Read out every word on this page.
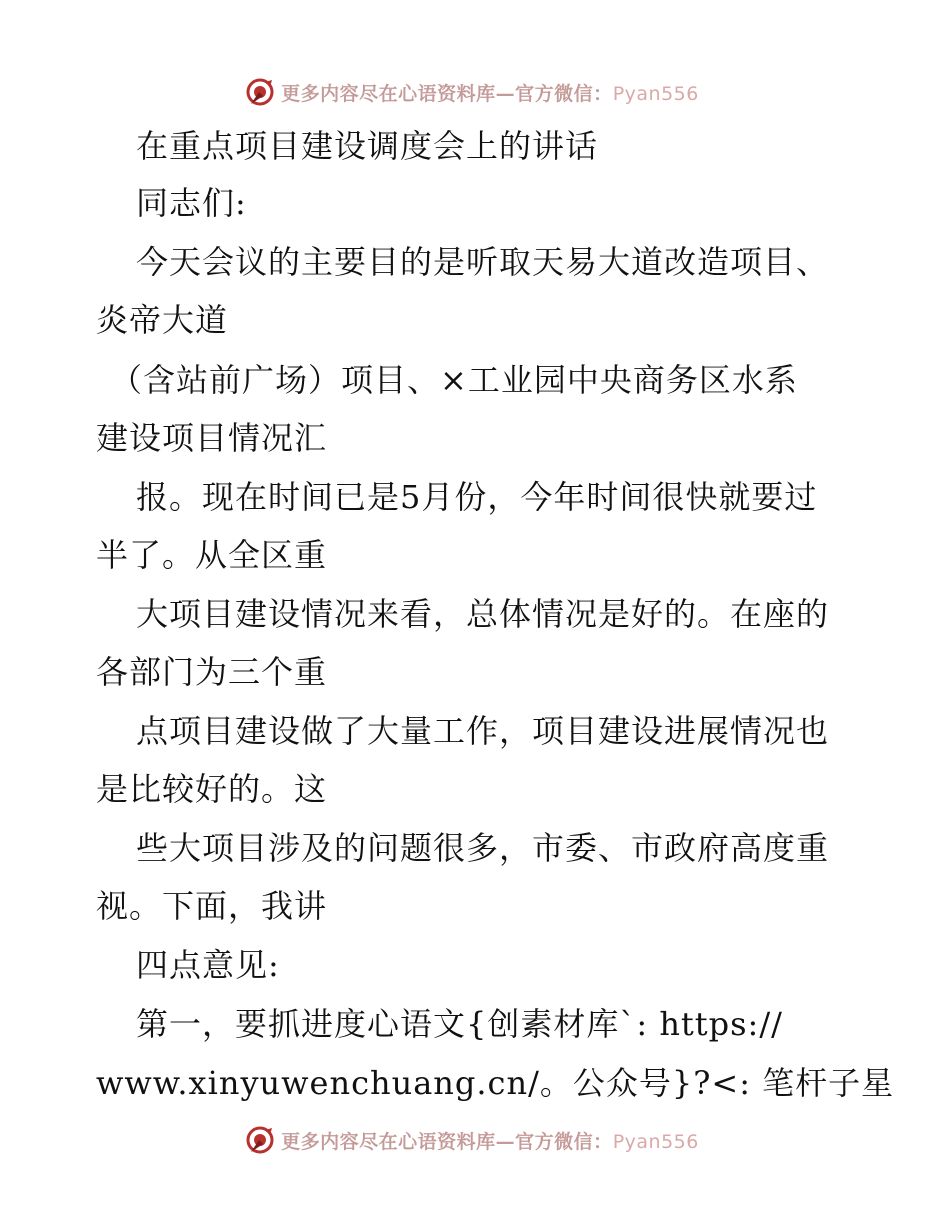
更多内容尽在心语资料库—官方微信：Pyan556
在重点项目建设调度会上的讲话
同志们:
今天会议的主要目的是听取天易大道改造项目、
炎帝大道
（含站前广场）项目、×工业园中央商务区水系
建设项目情况汇
报。现在时间已是5月份，今年时间很快就要过
半了。从全区重
大项目建设情况来看，总体情况是好的。在座的
各部门为三个重
点项目建设做了大量工作，项目建设进展情况也
是比较好的。这
些大项目涉及的问题很多，市委、市政府高度重
视。下面，我讲
四点意见:
第一，要抓进度心语文{创素材库`: https://
www.xinyuwenchuang.cn/。公众号}?<: 笔杆子星
更多内容尽在心语资料库—官方微信：Pyan556
